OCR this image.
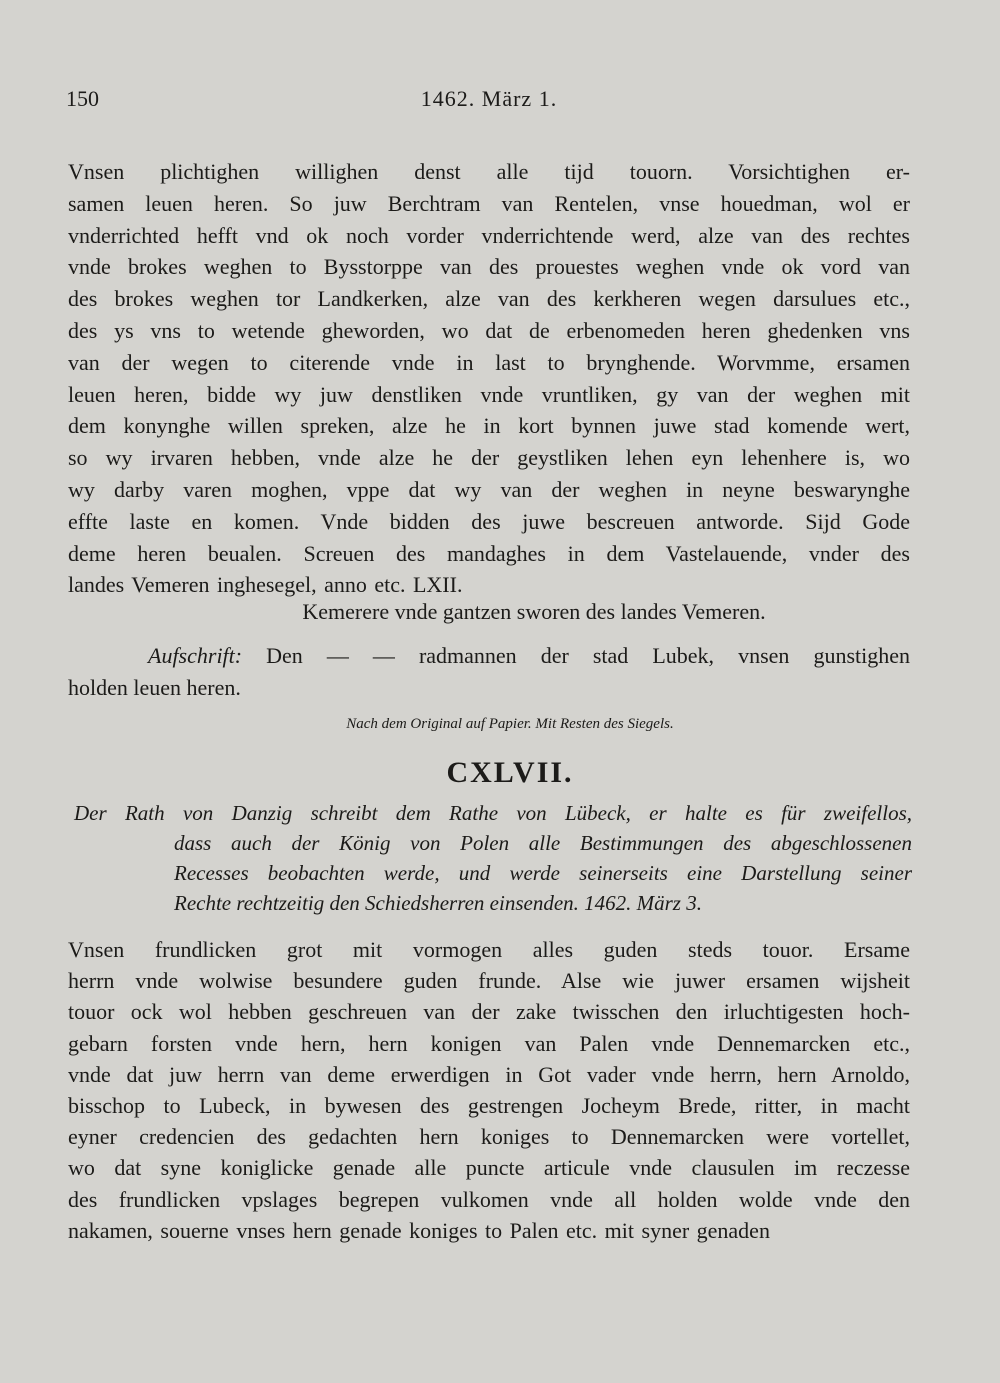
150	1462. März 1.
Vnsen plichtighen willighen denst alle tijd touorn. Vorsichtighen er-
samen leuen heren. So juw Berchtram van Rentelen, vnse houedman, wol er
vnderrichted hefft vnd ok noch vorder vnderrichtende werd, alze van des rechtes
vnde brokes weghen to Bysstorppe van des prouestes weghen vnde ok vord van
des brokes weghen tor Landkerken, alze van des kerkheren wegen darsulues etc.,
des ys vns to wetende gheworden, wo dat de erbenomeden heren ghedenken vns
van der wegen to citerende vnde in last to brynghende. Worvmme, ersamen
leuen heren, bidde wy juw denstliken vnde vruntliken, gy van der weghen mit
dem konynghe willen spreken, alze he in kort bynnen juwe stad komende wert,
so wy irvaren hebben, vnde alze he der geystliken lehen eyn lehenhere is, wo
wy darby varen moghen, vppe dat wy van der weghen in neyne beswarynghe
effte laste en komen. Vnde bidden des juwe bescreuen antworde. Sijd Gode
deme heren beualen. Screuen des mandaghes in dem Vastelauende, vnder des
landes Vemeren inghesegel, anno etc. LXII.
Kemerere vnde gantzen sworen des landes Vemeren.
Aufschrift: Den — — radmannen der stad Lubek, vnsen gunstighen
holden leuen heren.
Nach dem Original auf Papier. Mit Resten des Siegels.
CXLVII.
Der Rath von Danzig schreibt dem Rathe von Lübeck, er halte es für zweifellos,
dass auch der König von Polen alle Bestimmungen des abgeschlossenen
Recesses beobachten werde, und werde seinerseits eine Darstellung seiner
Rechte rechtzeitig den Schiedsherren einsenden. 1462. März 3.
Vnsen frundlicken grot mit vormogen alles guden steds touor. Ersame
herrn vnde wolwise besundere guden frunde. Alse wie juwer ersamen wijsheit
touor ock wol hebben geschreuen van der zake twisschen den irluchtigesten hoch-
gebarn forsten vnde hern, hern konigen van Palen vnde Dennemarcken etc.,
vnde dat juw herrn van deme erwerdigen in Got vader vnde herrn, hern Arnoldo,
bisschop to Lubeck, in bywesen des gestrengen Jocheym Brede, ritter, in macht
eyner credencien des gedachten hern koniges to Dennemarcken were vortellet,
wo dat syne koniglicke genade alle puncte articule vnde clausulen im reczesse
des frundlicken vpslages begrepen vulkomen vnde all holden wolde vnde den
nakamen, souerne vnses hern genade koniges to Palen etc. mit syner genaden
